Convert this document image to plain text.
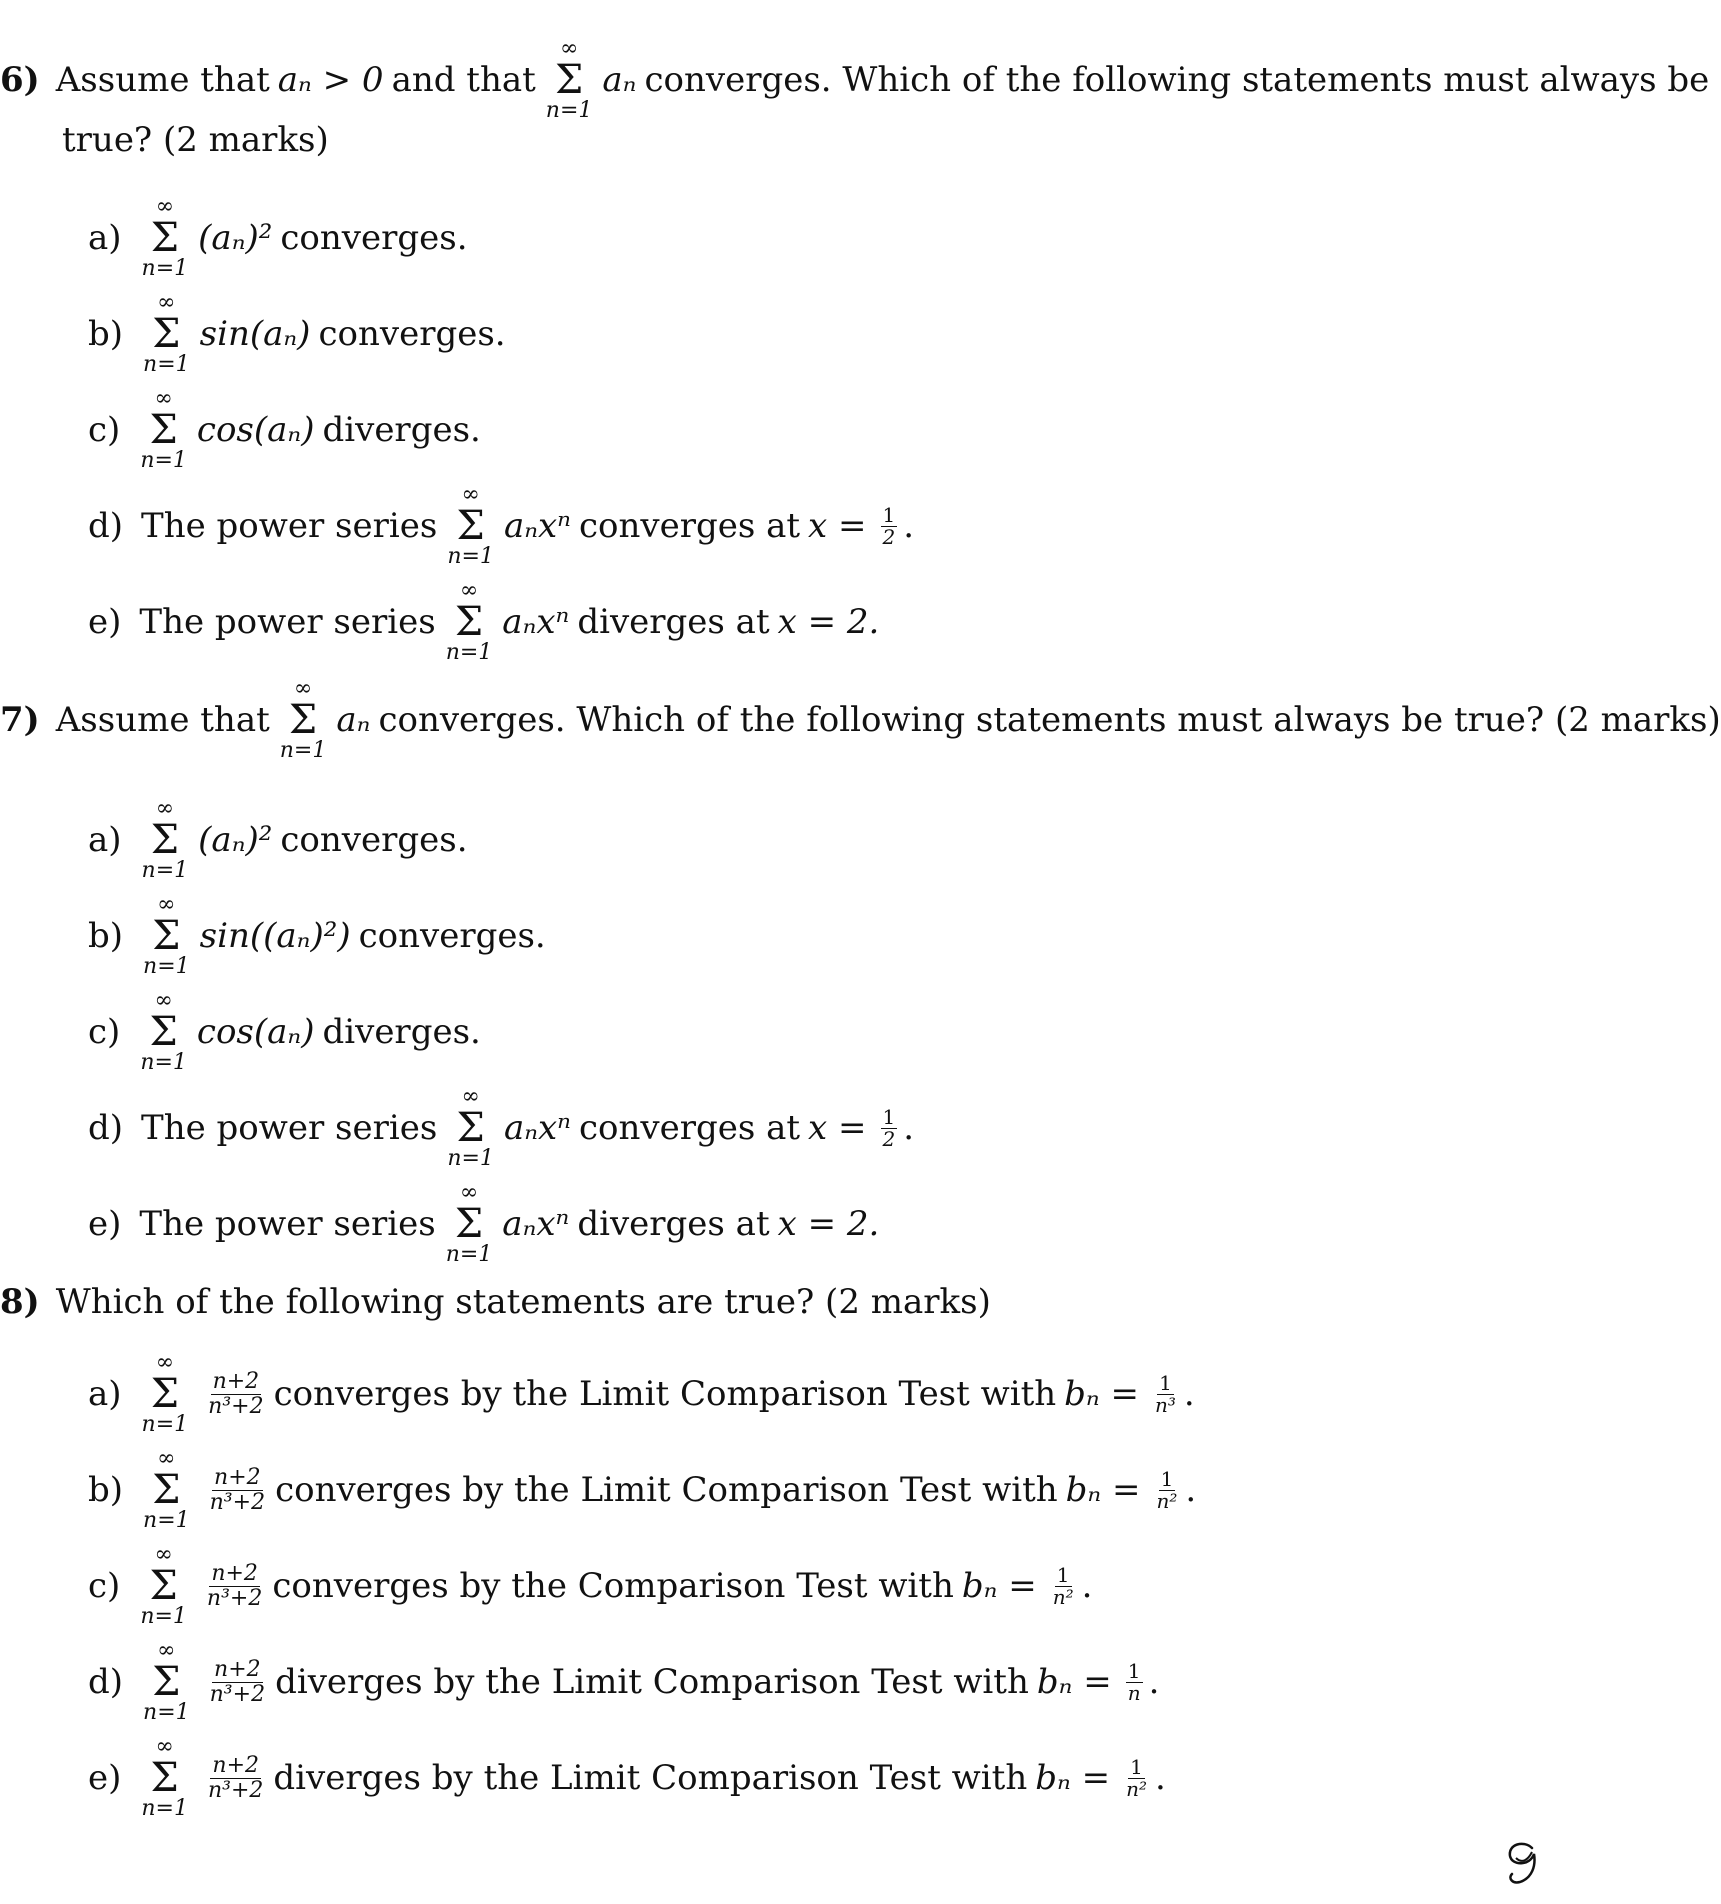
6) Assume that aₙ > 0 and that
∞
Σ
n=1
aₙ converges. Which of the following statements must always be
true? (2 marks)
a)
∞
Σ
n=1
(aₙ)² converges.
b)
∞
Σ
n=1
sin(aₙ) converges.
c)
∞
Σ
n=1
cos(aₙ) diverges.
d) The power series
∞
Σ
n=1
aₙxⁿ converges at $x = \frac{1}{2}$ .
e) The power series
∞
Σ
n=1
aₙxⁿ diverges at x = 2.
7) Assume that
∞
Σ
n=1
aₙ converges. Which of the following statements must always be true? (2 marks)
a)
∞
Σ
n=1
(aₙ)² converges.
b)
∞
Σ
n=1
sin((aₙ)²) converges.
c)
∞
Σ
n=1
cos(aₙ) diverges.
d) The power series
∞
Σ
n=1
aₙxⁿ converges at $x = \frac{1}{2}$ .
e) The power series
∞
Σ
n=1
aₙxⁿ diverges at x = 2.
8) Which of the following statements are true? (2 marks)
a)
∞
Σ
n=1
$\frac{n+2}{\text{n³+2}}$ converges by the Limit Comparison Test with $b_n = \frac{1}{\text{n³}}$ .
b)
∞
Σ
n=1
$\frac{n+2}{\text{n³+2}}$ converges by the Limit Comparison Test with $b_n = \frac{1}{\text{n²}}$ .
c)
∞
Σ
n=1
$\frac{n+2}{\text{n³+2}}$ converges by the Comparison Test with $b_n = \frac{1}{\text{n²}}$ .
d)
∞
Σ
n=1
$\frac{n+2}{\text{n³+2}}$ diverges by the Limit Comparison Test with $b_n = \frac{1}{n}$ .
e)
∞
Σ
n=1
$\frac{n+2}{\text{n³+2}}$ diverges by the Limit Comparison Test with $b_n = \frac{1}{\text{n²}}$ .
